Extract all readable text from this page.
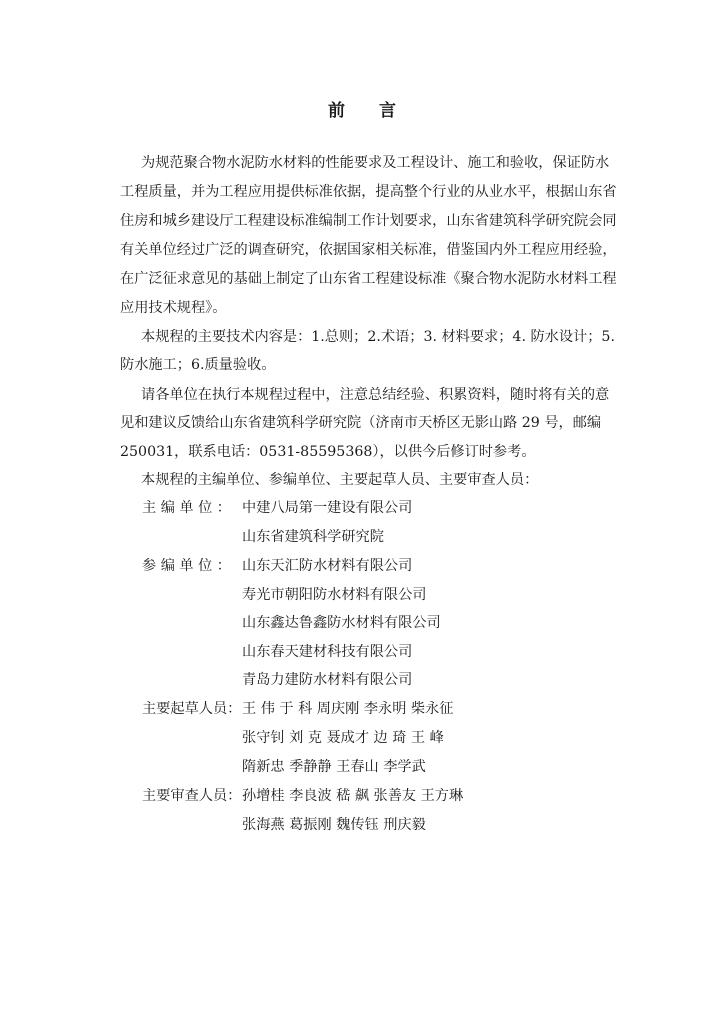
前 言
为规范聚合物水泥防水材料的性能要求及工程设计、施工和验收，保证防水
工程质量，并为工程应用提供标准依据，提高整个行业的从业水平，根据山东省
住房和城乡建设厅工程建设标准编制工作计划要求，山东省建筑科学研究院会同
有关单位经过广泛的调查研究，依据国家相关标准，借鉴国内外工程应用经验，
在广泛征求意见的基础上制定了山东省工程建设标准《聚合物水泥防水材料工程
应用技术规程》。
本规程的主要技术内容是：1.总则；2.术语；3. 材料要求；4. 防水设计；5.
防水施工；6.质量验收。
请各单位在执行本规程过程中，注意总结经验、积累资料，随时将有关的意
见和建议反馈给山东省建筑科学研究院（济南市天桥区无影山路 29 号，邮编
250031，联系电话：0531-85595368），以供今后修订时参考。
本规程的主编单位、参编单位、主要起草人员、主要审查人员：
主 编 单 位 ： 中建八局第一建设有限公司
山东省建筑科学研究院
参 编 单 位 ： 山东天汇防水材料有限公司
寿光市朝阳防水材料有限公司
山东鑫达鲁鑫防水材料有限公司
山东春天建材科技有限公司
青岛力建防水材料有限公司
主要起草人员： 王 伟 于 科 周庆刚 李永明 柴永征
张守钊 刘 克 聂成才 边 琦 王 峰
隋新忠 季静静 王春山 李学武
主要审查人员： 孙增桂 李良波 嵇 飙 张善友 王方琳
张海燕 葛振刚 魏传钰 刑庆毅
